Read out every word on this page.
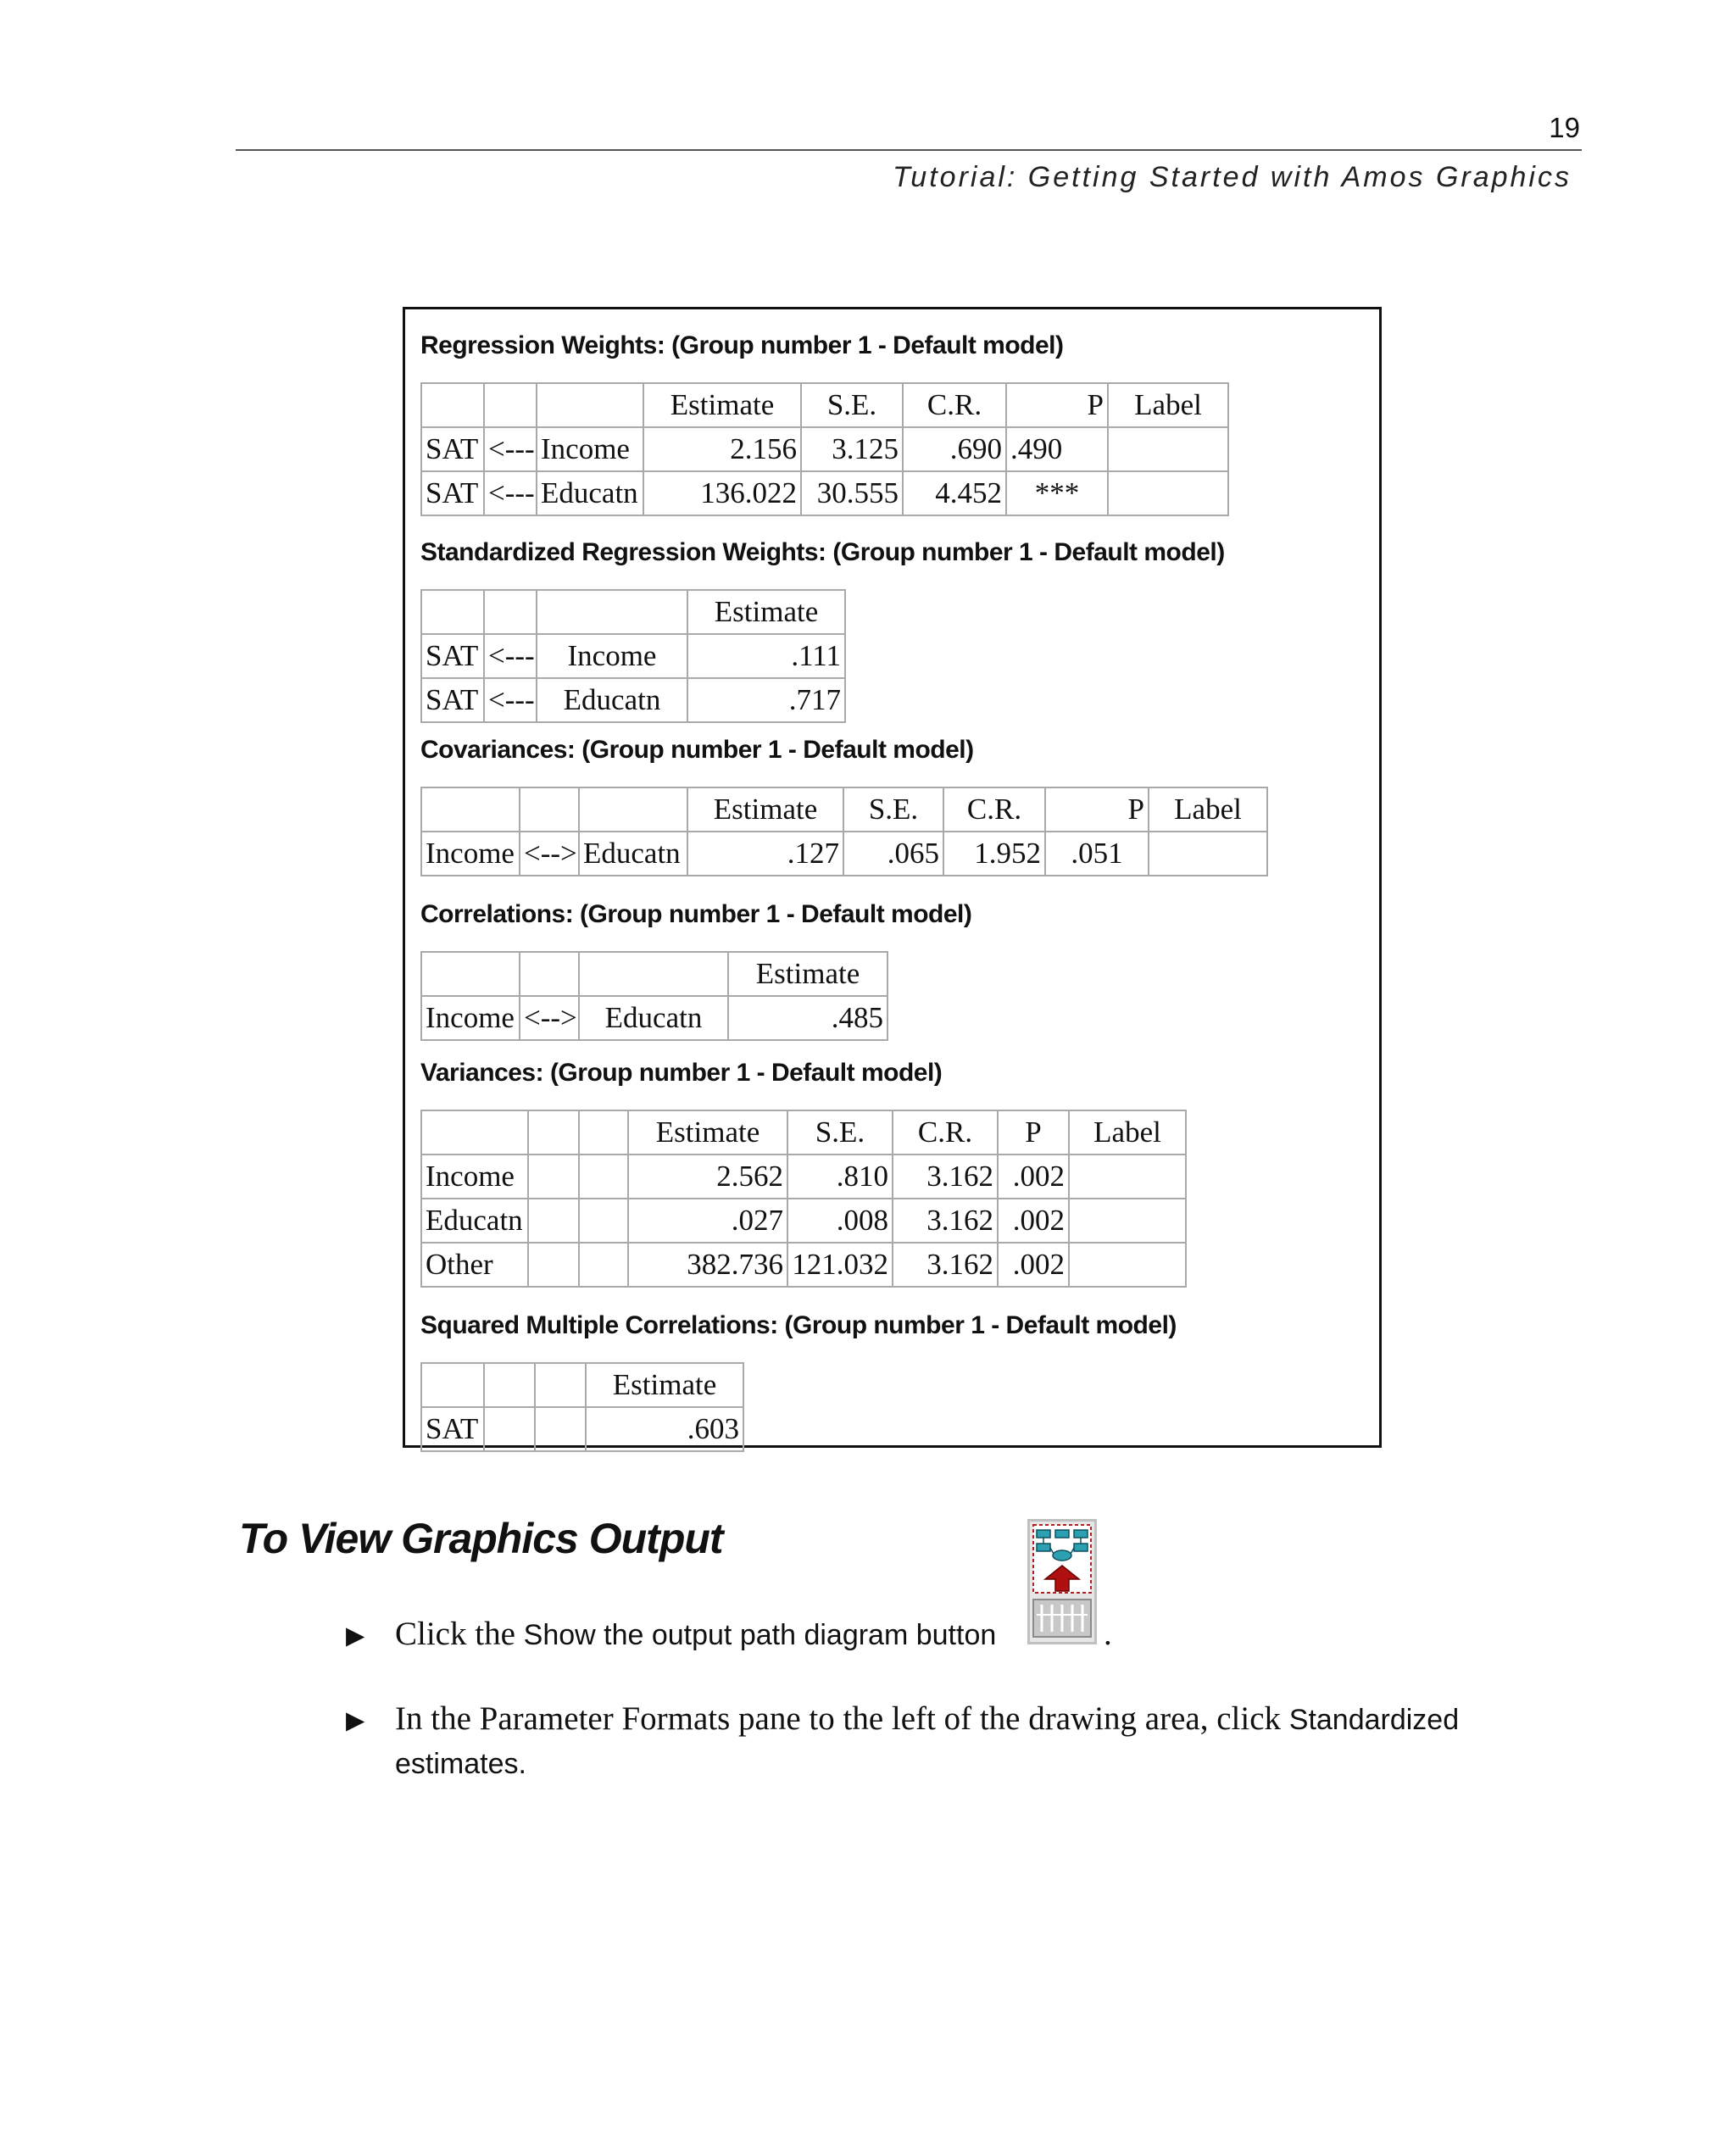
19
Tutorial: Getting Started with Amos Graphics
Regression Weights: (Group number 1 - Default model)
			Estimate	S.E.	C.R.	P	Label
SAT	<---	Income	2.156	3.125	.690	.490	
SAT	<---	Educatn	136.022	30.555	4.452	***	
Standardized Regression Weights: (Group number 1 - Default model)
			Estimate
SAT	<---	Income	.111
SAT	<---	Educatn	.717
Covariances: (Group number 1 - Default model)
			Estimate	S.E.	C.R.	P	Label
Income	<-->	Educatn	.127	.065	1.952	.051	
Correlations: (Group number 1 - Default model)
			Estimate
Income	<-->	Educatn	.485
Variances: (Group number 1 - Default model)
			Estimate	S.E.	C.R.	P	Label
Income			2.562	.810	3.162	.002	
Educatn			.027	.008	3.162	.002	
Other			382.736	121.032	3.162	.002	
Squared Multiple Correlations: (Group number 1 - Default model)
			Estimate
SAT			.603
To View Graphics Output
▶ Click the Show the output path diagram button	.
▶ In the Parameter Formats pane to the left of the drawing area, click Standardized
estimates.
